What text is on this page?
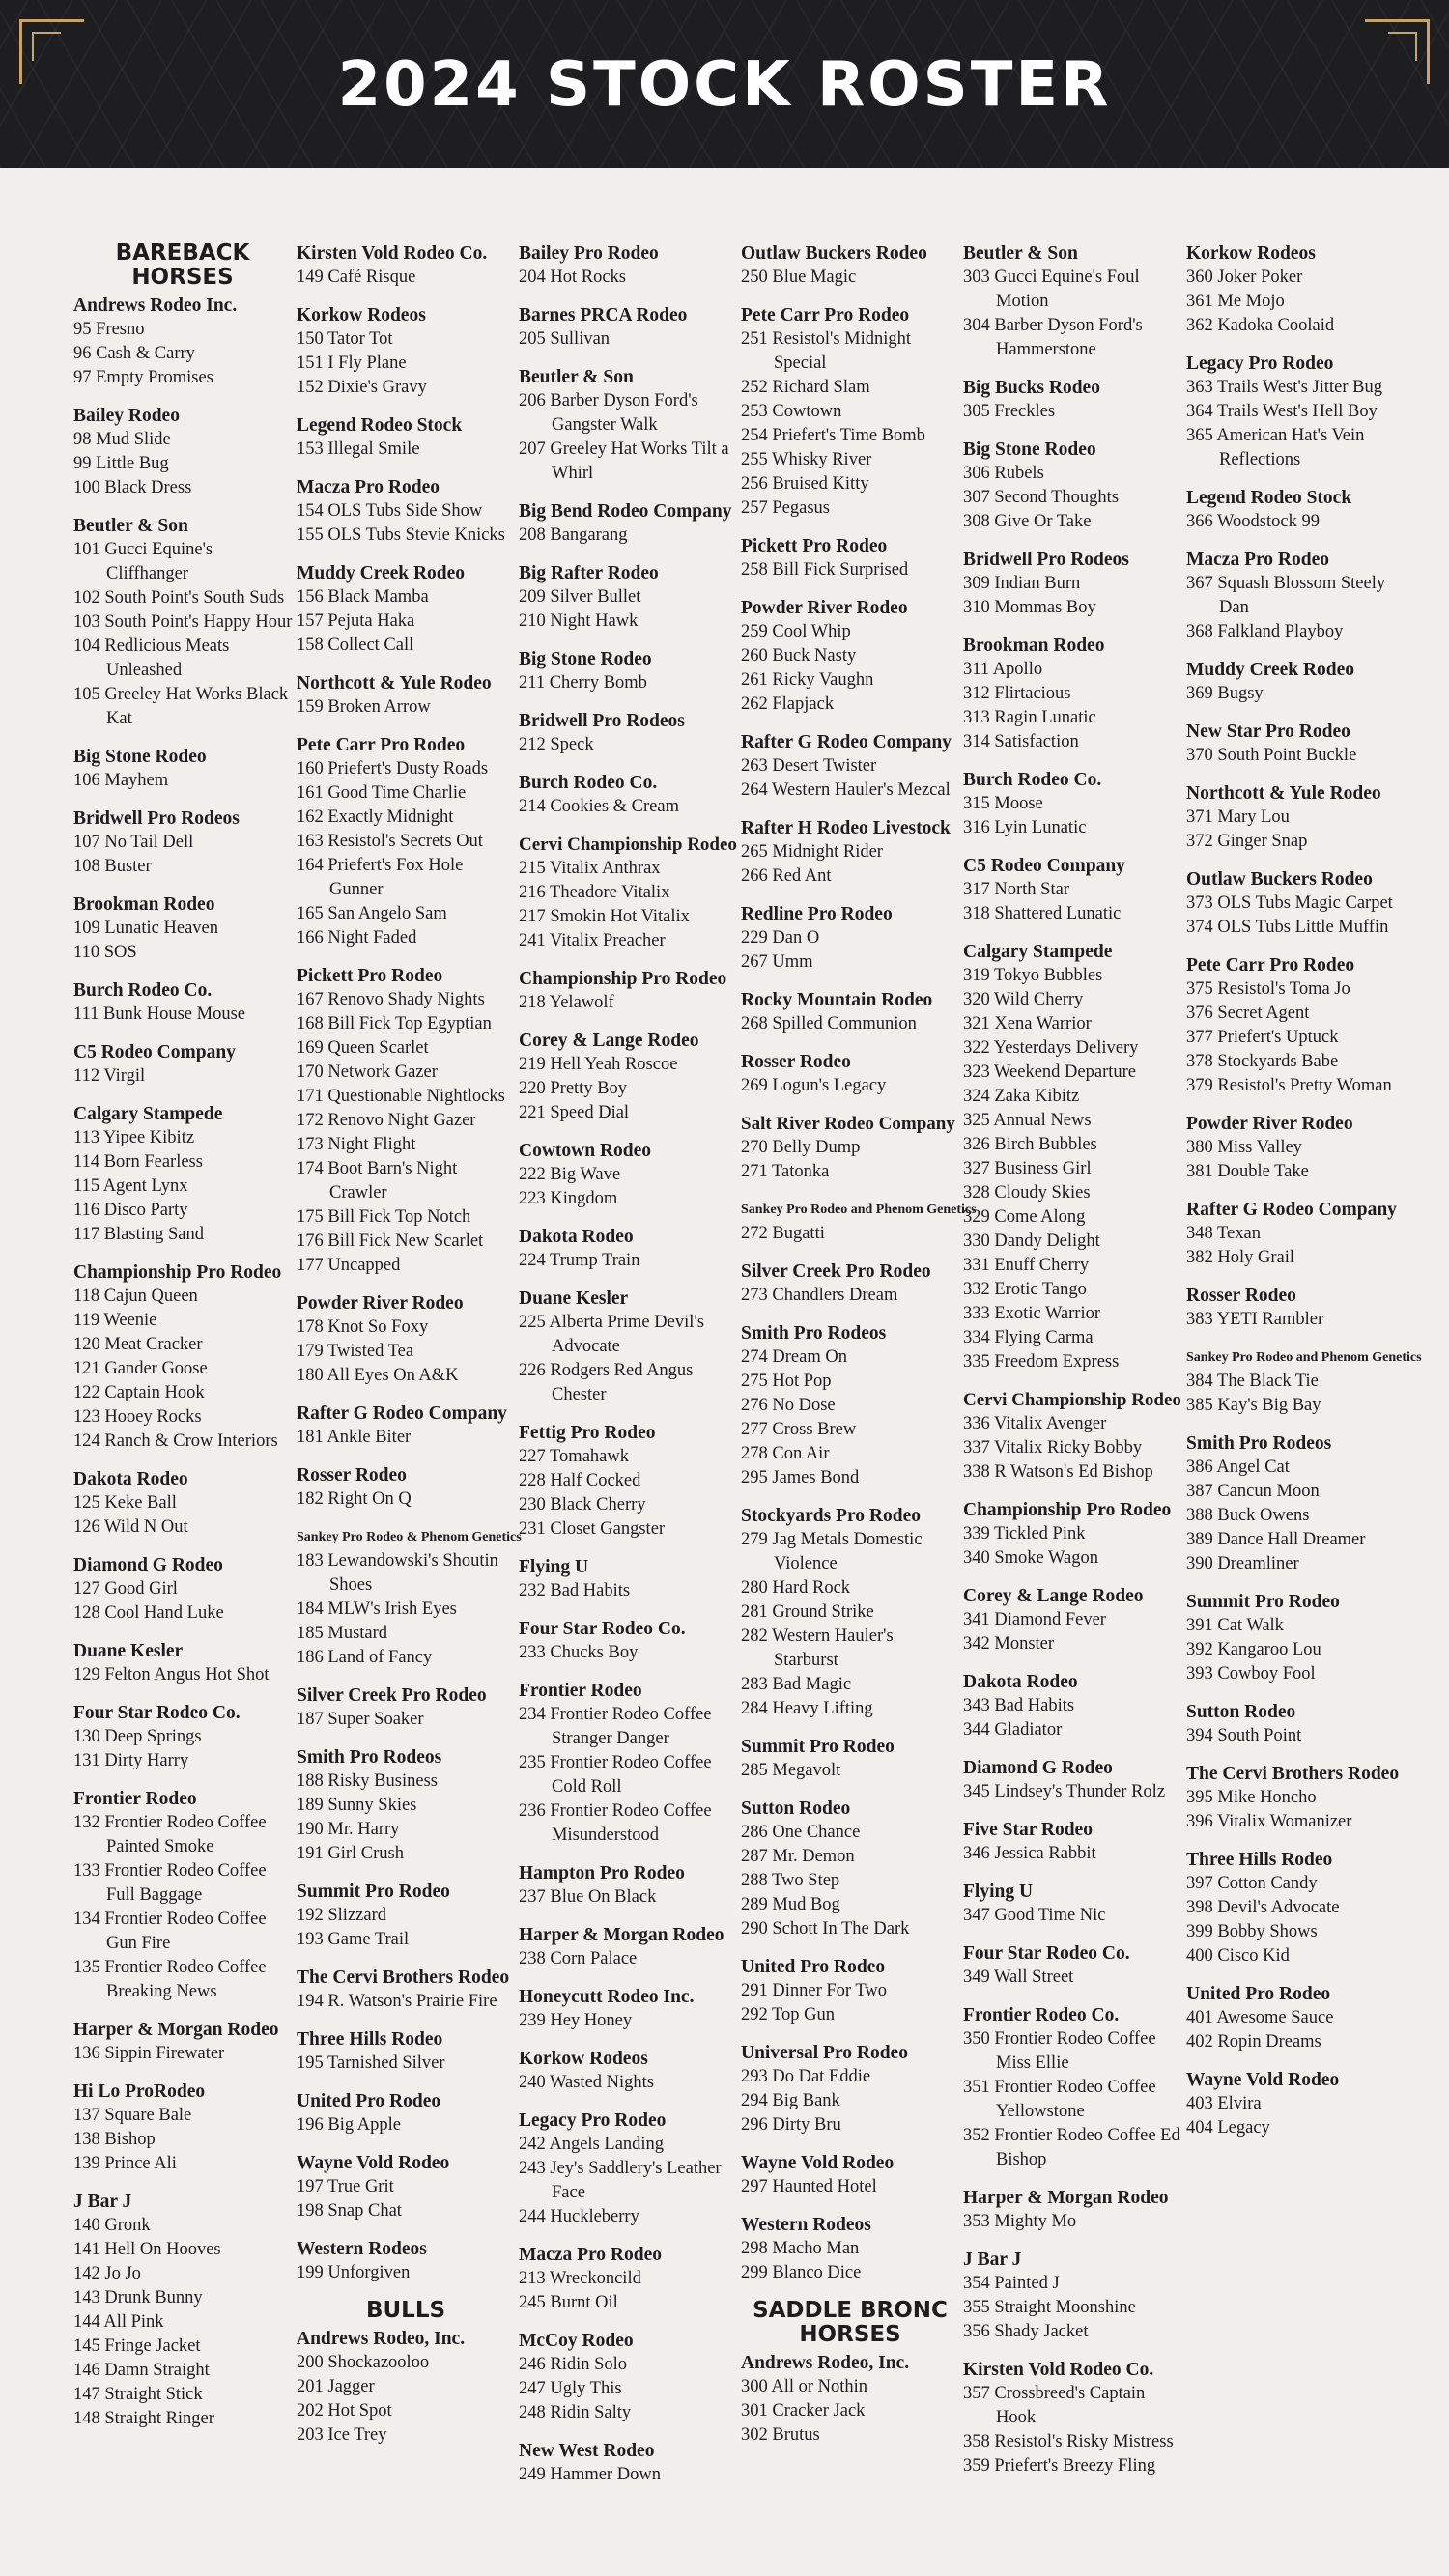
2024 STOCK ROSTER
BAREBACK HORSES
Andrews Rodeo Inc.
95 Fresno
96 Cash & Carry
97 Empty Promises
Bailey Rodeo
98 Mud Slide
99 Little Bug
100 Black Dress
Beutler & Son
101 Gucci Equine's Cliffhanger
102 South Point's South Suds
103 South Point's Happy Hour
104 Redlicious Meats Unleashed
105 Greeley Hat Works Black Kat
Big Stone Rodeo
106 Mayhem
Bridwell Pro Rodeos
107 No Tail Dell
108 Buster
Brookman Rodeo
109 Lunatic Heaven
110 SOS
Burch Rodeo Co.
111 Bunk House Mouse
C5 Rodeo Company
112 Virgil
Calgary Stampede
113 Yipee Kibitz
114 Born Fearless
115 Agent Lynx
116 Disco Party
117 Blasting Sand
Championship Pro Rodeo
118 Cajun Queen
119 Weenie
120 Meat Cracker
121 Gander Goose
122 Captain Hook
123 Hooey Rocks
124 Ranch & Crow Interiors
Dakota Rodeo
125 Keke Ball
126 Wild N Out
Diamond G Rodeo
127 Good Girl
128 Cool Hand Luke
Duane Kesler
129 Felton Angus Hot Shot
Four Star Rodeo Co.
130 Deep Springs
131 Dirty Harry
Frontier Rodeo
132 Frontier Rodeo Coffee Painted Smoke
133 Frontier Rodeo Coffee Full Baggage
134 Frontier Rodeo Coffee Gun Fire
135 Frontier Rodeo Coffee Breaking News
Harper & Morgan Rodeo
136 Sippin Firewater
Hi Lo ProRodeo
137 Square Bale
138 Bishop
139 Prince Ali
J Bar J
140 Gronk
141 Hell On Hooves
142 Jo Jo
143 Drunk Bunny
144 All Pink
145 Fringe Jacket
146 Damn Straight
147 Straight Stick
148 Straight Ringer
Kirsten Vold Rodeo Co.
149 Café Risque
Korkow Rodeos
150 Tator Tot
151 I Fly Plane
152 Dixie's Gravy
Legend Rodeo Stock
153 Illegal Smile
Macza Pro Rodeo
154 OLS Tubs Side Show
155 OLS Tubs Stevie Knicks
Muddy Creek Rodeo
156 Black Mamba
157 Pejuta Haka
158 Collect Call
Northcott & Yule Rodeo
159 Broken Arrow
Pete Carr Pro Rodeo
160 Priefert's Dusty Roads
161 Good Time Charlie
162 Exactly Midnight
163 Resistol's Secrets Out
164 Priefert's Fox Hole Gunner
165 San Angelo Sam
166 Night Faded
Pickett Pro Rodeo
167 Renovo Shady Nights
168 Bill Fick Top Egyptian
169 Queen Scarlet
170 Network Gazer
171 Questionable Nightlocks
172 Renovo Night Gazer
173 Night Flight
174 Boot Barn's Night Crawler
175 Bill Fick Top Notch
176 Bill Fick New Scarlet
177 Uncapped
Powder River Rodeo
178 Knot So Foxy
179 Twisted Tea
180 All Eyes On A&K
Rafter G Rodeo Company
181 Ankle Biter
Rosser Rodeo
182 Right On Q
Sankey Pro Rodeo & Phenom Genetics
183 Lewandowski's Shoutin Shoes
184 MLW's Irish Eyes
185 Mustard
186 Land of Fancy
Silver Creek Pro Rodeo
187 Super Soaker
Smith Pro Rodeos
188 Risky Business
189 Sunny Skies
190 Mr. Harry
191 Girl Crush
Summit Pro Rodeo
192 Slizzard
193 Game Trail
The Cervi Brothers Rodeo
194 R. Watson's Prairie Fire
Three Hills Rodeo
195 Tarnished Silver
United Pro Rodeo
196 Big Apple
Wayne Vold Rodeo
197 True Grit
198 Snap Chat
Western Rodeos
199 Unforgiven
BULLS
Andrews Rodeo, Inc.
200 Shockazooloo
201 Jagger
202 Hot Spot
203 Ice Trey
Bailey Pro Rodeo
204 Hot Rocks
Barnes PRCA Rodeo
205 Sullivan
Beutler & Son
206 Barber Dyson Ford's Gangster Walk
207 Greeley Hat Works Tilt a Whirl
Big Bend Rodeo Company
208 Bangarang
Big Rafter Rodeo
209 Silver Bullet
210 Night Hawk
Big Stone Rodeo
211 Cherry Bomb
Bridwell Pro Rodeos
212 Speck
Burch Rodeo Co.
214 Cookies & Cream
Cervi Championship Rodeo
215 Vitalix Anthrax
216 Theadore Vitalix
217 Smokin Hot Vitalix
241 Vitalix Preacher
Championship Pro Rodeo
218 Yelawolf
Corey & Lange Rodeo
219 Hell Yeah Roscoe
220 Pretty Boy
221 Speed Dial
Cowtown Rodeo
222 Big Wave
223 Kingdom
Dakota Rodeo
224 Trump Train
Duane Kesler
225 Alberta Prime Devil's Advocate
226 Rodgers Red Angus Chester
Fettig Pro Rodeo
227 Tomahawk
228 Half Cocked
230 Black Cherry
231 Closet Gangster
Flying U
232 Bad Habits
Four Star Rodeo Co.
233 Chucks Boy
Frontier Rodeo
234 Frontier Rodeo Coffee Stranger Danger
235 Frontier Rodeo Coffee Cold Roll
236 Frontier Rodeo Coffee Misunderstood
Hampton Pro Rodeo
237 Blue On Black
Harper & Morgan Rodeo
238 Corn Palace
Honeycutt Rodeo Inc.
239 Hey Honey
Korkow Rodeos
240 Wasted Nights
Legacy Pro Rodeo
242 Angels Landing
243 Jey's Saddlery's Leather Face
244 Huckleberry
Macza Pro Rodeo
213 Wreckoncild
245 Burnt Oil
McCoy Rodeo
246 Ridin Solo
247 Ugly This
248 Ridin Salty
New West Rodeo
249 Hammer Down
Outlaw Buckers Rodeo
250 Blue Magic
Pete Carr Pro Rodeo
251 Resistol's Midnight Special
252 Richard Slam
253 Cowtown
254 Priefert's Time Bomb
255 Whisky River
256 Bruised Kitty
257 Pegasus
Pickett Pro Rodeo
258 Bill Fick Surprised
Powder River Rodeo
259 Cool Whip
260 Buck Nasty
261 Ricky Vaughn
262 Flapjack
Rafter G Rodeo Company
263 Desert Twister
264 Western Hauler's Mezcal
Rafter H Rodeo Livestock
265 Midnight Rider
266 Red Ant
Redline Pro Rodeo
229 Dan O
267 Umm
Rocky Mountain Rodeo
268 Spilled Communion
Rosser Rodeo
269 Logun's Legacy
Salt River Rodeo Company
270 Belly Dump
271 Tatonka
Sankey Pro Rodeo and Phenom Genetics
272 Bugatti
Silver Creek Pro Rodeo
273 Chandlers Dream
Smith Pro Rodeos
274 Dream On
275 Hot Pop
276 No Dose
277 Cross Brew
278 Con Air
295 James Bond
Stockyards Pro Rodeo
279 Jag Metals Domestic Violence
280 Hard Rock
281 Ground Strike
282 Western Hauler's Starburst
283 Bad Magic
284 Heavy Lifting
Summit Pro Rodeo
285 Megavolt
Sutton Rodeo
286 One Chance
287 Mr. Demon
288 Two Step
289 Mud Bog
290 Schott In The Dark
United Pro Rodeo
291 Dinner For Two
292 Top Gun
Universal Pro Rodeo
293 Do Dat Eddie
294 Big Bank
296 Dirty Bru
Wayne Vold Rodeo
297 Haunted Hotel
Western Rodeos
298 Macho Man
299 Blanco Dice
SADDLE BRONC HORSES
Andrews Rodeo, Inc.
300 All or Nothin
301 Cracker Jack
302 Brutus
Beutler & Son
303 Gucci Equine's Foul Motion
304 Barber Dyson Ford's Hammerstone
Big Bucks Rodeo
305 Freckles
Big Stone Rodeo
306 Rubels
307 Second Thoughts
308 Give Or Take
Bridwell Pro Rodeos
309 Indian Burn
310 Mommas Boy
Brookman Rodeo
311 Apollo
312 Flirtacious
313 Ragin Lunatic
314 Satisfaction
Burch Rodeo Co.
315 Moose
316 Lyin Lunatic
C5 Rodeo Company
317 North Star
318 Shattered Lunatic
Calgary Stampede
319 Tokyo Bubbles
320 Wild Cherry
321 Xena Warrior
322 Yesterdays Delivery
323 Weekend Departure
324 Zaka Kibitz
325 Annual News
326 Birch Bubbles
327 Business Girl
328 Cloudy Skies
329 Come Along
330 Dandy Delight
331 Enuff Cherry
332 Erotic Tango
333 Exotic Warrior
334 Flying Carma
335 Freedom Express
Cervi Championship Rodeo
336 Vitalix Avenger
337 Vitalix Ricky Bobby
338 R Watson's Ed Bishop
Championship Pro Rodeo
339 Tickled Pink
340 Smoke Wagon
Corey & Lange Rodeo
341 Diamond Fever
342 Monster
Dakota Rodeo
343 Bad Habits
344 Gladiator
Diamond G Rodeo
345 Lindsey's Thunder Rolz
Five Star Rodeo
346 Jessica Rabbit
Flying U
347 Good Time Nic
Four Star Rodeo Co.
349 Wall Street
Frontier Rodeo Co.
350 Frontier Rodeo Coffee Miss Ellie
351 Frontier Rodeo Coffee Yellowstone
352 Frontier Rodeo Coffee Ed Bishop
Harper & Morgan Rodeo
353 Mighty Mo
J Bar J
354 Painted J
355 Straight Moonshine
356 Shady Jacket
Kirsten Vold Rodeo Co.
357 Crossbreed's Captain Hook
358 Resistol's Risky Mistress
359 Priefert's Breezy Fling
Korkow Rodeos
360 Joker Poker
361 Me Mojo
362 Kadoka Coolaid
Legacy Pro Rodeo
363 Trails West's Jitter Bug
364 Trails West's Hell Boy
365 American Hat's Vein Reflections
Legend Rodeo Stock
366 Woodstock 99
Macza Pro Rodeo
367 Squash Blossom Steely Dan
368 Falkland Playboy
Muddy Creek Rodeo
369 Bugsy
New Star Pro Rodeo
370 South Point Buckle
Northcott & Yule Rodeo
371 Mary Lou
372 Ginger Snap
Outlaw Buckers Rodeo
373 OLS Tubs Magic Carpet
374 OLS Tubs Little Muffin
Pete Carr Pro Rodeo
375 Resistol's Toma Jo
376 Secret Agent
377 Priefert's Uptuck
378 Stockyards Babe
379 Resistol's Pretty Woman
Powder River Rodeo
380 Miss Valley
381 Double Take
Rafter G Rodeo Company
348 Texan
382 Holy Grail
Rosser Rodeo
383 YETI Rambler
Sankey Pro Rodeo and Phenom Genetics
384 The Black Tie
385 Kay's Big Bay
Smith Pro Rodeos
386 Angel Cat
387 Cancun Moon
388 Buck Owens
389 Dance Hall Dreamer
390 Dreamliner
Summit Pro Rodeo
391 Cat Walk
392 Kangaroo Lou
393 Cowboy Fool
Sutton Rodeo
394 South Point
The Cervi Brothers Rodeo
395 Mike Honcho
396 Vitalix Womanizer
Three Hills Rodeo
397 Cotton Candy
398 Devil's Advocate
399 Bobby Shows
400 Cisco Kid
United Pro Rodeo
401 Awesome Sauce
402 Ropin Dreams
Wayne Vold Rodeo
403 Elvira
404 Legacy
